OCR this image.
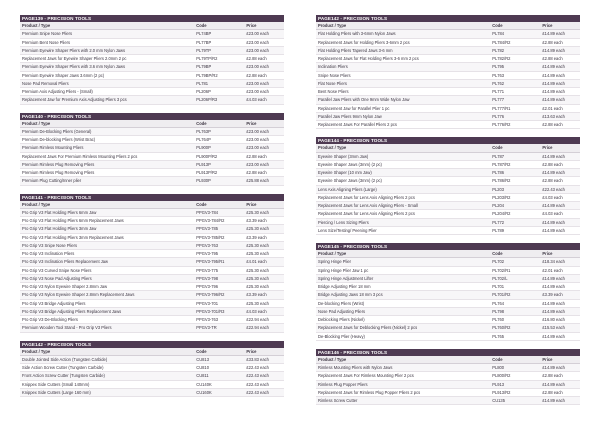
PAGE139 - PRECISION TOOLS
Product / Type	Code	Price
Premium Snipe Nose Pliers	PL74BP	£23.00 each
Premium Bent Nose Pliers	PL77BP	£23.00 each
Premium Eyewire Shaper Pliers with 2.0 mm Nylon Jaws	PL79TP	£23.00 each
Replacement Jaws for Eyewire Shaper Pliers 2.0mm 2 pc	PL79TP/R2	£2.88 each
Premium Eyewire Shaper Pliers with 3.6 mm Nylon Jaws	PL79BP	£23.00 each
Premium Eyewire Shaper Jaws 3.6mm (2 pc)	PL79BP/R2	£2.88 each
Nose Pad Removal Pliers	PL781	£23.00 each
Premium Axis Adjusting Pliers - (Small)	PL206P	£23.00 each
Replacement Jaw for Premium Axis Adjusting Pliers 3 pcs	PL206P/R3	£4.03 each
PAGE140 - PRECISION TOOLS
Product / Type	Code	Price
Premium De-Blocking Pliers (General)	PL763P	£23.00 each
Premium De-blocking Pliers (Wrist Brac)	PL764P	£23.00 each
Premium Rimless Mounting Pliers	PL900P	£23.00 each
Replacement Jaws For Premium Rimless Mounting Pliers 2 pcs	PL900P/R2	£2.88 each
Premium Rimless Plug Removing Pliers	PL913P	£23.00 each
Premium Rimless Plug Removing Pliers	PL913P/R2	£2.88 each
Premium Plug Cutting/Inner plier	PL930P	£25.88 each
PAGE141 - PRECISION TOOLS
Product / Type	Code	Price
Pro Grip V3 Flat Holding Pliers 6mm Jaw	PPGV3-784	£25.30 each
Pro Grip V3 Flat Holding Pliers 6mm Replacement Jaws	PPGV3-784/R2	£3.39 each
Pro Grip V3 Flat Holding Pliers 3mm Jaw	PPGV3-785	£25.30 each
Pro Grip V3 Flat Holding Pliers 3mm Replacement Jaws	PPGV3-785/R2	£3.39 each
Pro Grip V3 Snipe Nose Pliers	PPGV3-763	£25.30 each
Pro Grip V3 Inclination Pliers	PPGV3-795	£25.30 each
Pro Grip V3 Inclination Pliers Replacement Jaw	PPGV3-795/R1	£4.01 each
Pro Grip V3 Curved Snipe Nose Pliers	PPGV3-775	£25.30 each
Pro Grip V3 Nose Pad Adjusting Pliers	PPGV3-798	£25.30 each
Pro Grip V3 Nylon Eyewire Shaper 2.8mm Jaw	PPGV3-796	£25.30 each
Pro Grip V3 Nylon Eyewire Shaper 2.8mm Replacement Jaws	PPGV3-796/R2	£3.39 each
Pro Grip V3 Bridge Adjusting Pliers	PPGV3-701	£25.30 each
Pro Grip V3 Bridge Adjusting Pliers Replacement Jaws	PPGV3-701/R3	£4.03 each
Pro Grip V3 De-Blocking Pliers	PPGV3-763	£22.94 each
Premium Wooden Tool Stand - Pro Grip V3 Pliers	PPGV3-TR	£22.94 each
PAGE142 - PRECISION TOOLS
Product / Type	Code	Price
Double Jointed Side Action (Tungsten Carbide)	CU813	£33.83 each
Side Action Screw Cutter (Tungsten Carbide)	CU810	£22.43 each
Front Action Screw Cutter (Tungsten Carbide)	CU811	£22.43 each
Knippex Side Cutters (Small 140mm)	CU140K	£22.43 each
Knippex Side Cutters (Large 160 mm)	CU160K	£22.43 each
PAGE142 - PRECISION TOOLS
Product / Type	Code	Price
Flat Holding Pliers with 3-6mm Nylon Jaws	PL784	£14.89 each
Replacement Jaws for Holding Pliers 3-6mm 2 pcs	PL784/R2	£2.88 each
Flat Holding Pliers Tapered Jaws 3-6 mm	PL782	£14.89 each
Replacement Jaws for Flat Holding Pliers 3-6 mm 2 pcs	PL782/R2	£2.88 each
Inclination Pliers	PL795	£14.89 each
Snipe Nose Pliers	PL763	£14.89 each
Flat Nose Pliers	PL762	£14.89 each
Bent Nose Pliers	PL771	£14.89 each
Parallel Jaw Pliers with One 9mm Wide Nylon Jaw	PL777	£14.89 each
Replacement Jaw for Parallel Plier 1 pc	PL777/R1	£2.01 each
Parallel Jaw Pliers 9mm Nylon Jaw	PL776	£13.63 each
Replacement Jaws For Parallel Pliers 2 pcs	PL776/R2	£2.88 each
PAGE144 - PRECISION TOOLS
Product / Type	Code	Price
Eyewire Shaper (3mm Jaw)	PL787	£14.89 each
Eyewire Shaper Jaws (3mm) (2 pc)	PL787/R2	£2.88 each
Eyewire Shaper (10 mm Jaw)	PL786	£14.89 each
Eyewire Shaper Jaws (3mm) (2 pc)	PL786/R2	£2.88 each
Lens Axis Aligning Pliers (Large)	PL203	£22.43 each
Replacement Jaws for Lens Axis Aligning Pliers 2 pcs	PL203/R2	£4.03 each
Replacement Jaws for Lens Axis Aligning Pliers - Small	PL204	£14.89 each
Replacement Jaws for Lens Axis Aligning Pliers 2 pcs	PL204/R2	£4.03 each
Piercing / Lens Sizing Pliers	PL772	£14.89 each
Lens Size/Testing/ Peening Plier	PL789	£14.89 each
PAGE145 - PRECISION TOOLS
Product / Type	Code	Price
Spring Hinge Plier	PL702	£18.34 each
Spring Hinge Plier Jaw 1 pc	PL702/R1	£2.01 each
Spring Hinge Adjustment Lifter	PL702/L	£14.89 each
Bridge Adjusting Plier 18 mm	PL701	£14.89 each
Bridge Adjusting Jaws 18 mm 3 pcs	PL701/R2	£3.39 each
De-blocking Pliers (Wrist)	PL764	£14.89 each
Nose Pad Adjusting Pliers	PL798	£14.89 each
Deblocking Pliers (Nickel)	PL760	£16.80 each
Replacement Jaws for Deblocking Pliers (Nickel) 2 pcs	PL760/R2	£15.53 each
De-Blocking Plier (Heavy)	PL765	£14.89 each
PAGE146 - PRECISION TOOLS
Product / Type	Code	Price
Rimless Mounting Pliers with Nylon Jaws	PL800	£14.89 each
Replacement Jaws For Rimless Mounting Plier 2 pcs	PL800/R2	£2.88 each
Rimless Plug Popper Pliers	PL913	£14.89 each
Replacement Jaws for Rimless Plug Popper Pliers 2 pcs	PL913/R2	£2.88 each
Rimless Screw Cutter	CU135	£14.89 each
